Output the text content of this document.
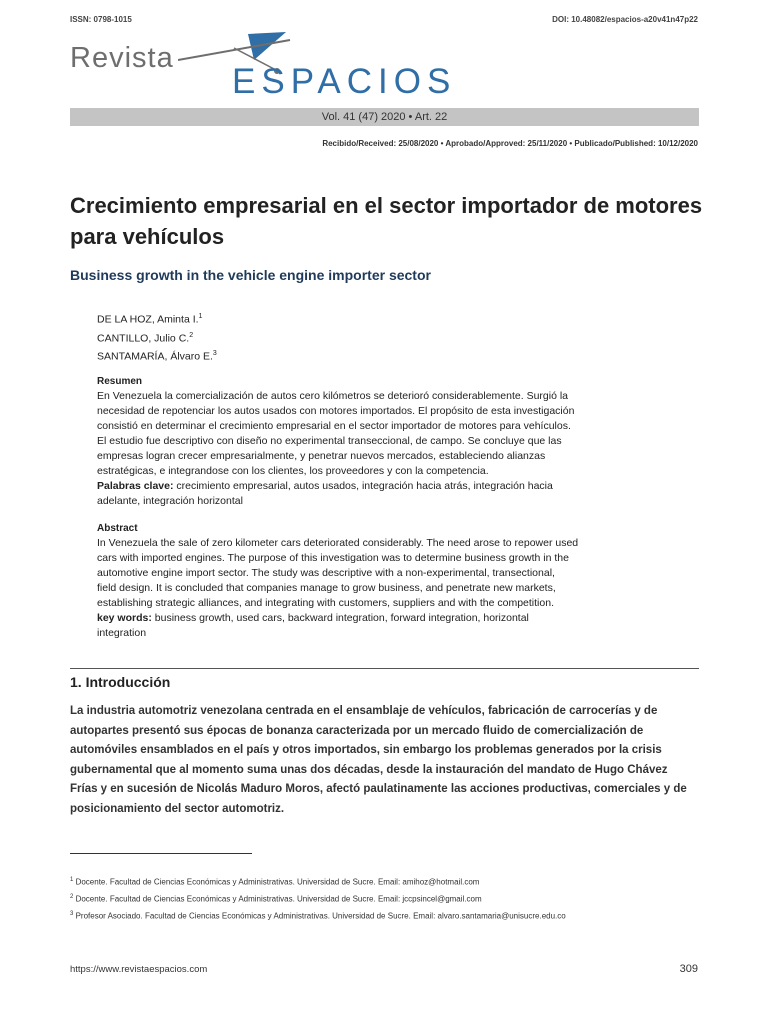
ISSN: 0798-1015	DOI: 10.48082/espacios-a20v41n47p22
Revista
ESPACIOS
Vol. 41 (47) 2020 • Art. 22
Recibido/Received: 25/08/2020 • Aprobado/Approved: 25/11/2020 • Publicado/Published: 10/12/2020
Crecimiento empresarial en el sector importador de motores
para vehículos
Business growth in the vehicle engine importer sector
DE LA HOZ, Aminta I.$^1$
CANTILLO, Julio C.$^2$
SANTAMARÍA, Álvaro E.$^3$
Resumen
En Venezuela la comercialización de autos cero kilómetros se deterioró considerablemente. Surgió la
necesidad de repotenciar los autos usados con motores importados. El propósito de esta investigación
consistió en determinar el crecimiento empresarial en el sector importador de motores para vehículos.
El estudio fue descriptivo con diseño no experimental transeccional, de campo. Se concluye que las
empresas logran crecer empresarialmente, y penetrar nuevos mercados, estableciendo alianzas
estratégicas, e integrandose con los clientes, los proveedores y con la competencia.
Palabras clave: crecimiento empresarial, autos usados, integración hacia atrás, integración hacia
adelante, integración horizontal
Abstract
In Venezuela the sale of zero kilometer cars deteriorated considerably. The need arose to repower used
cars with imported engines. The purpose of this investigation was to determine business growth in the
automotive engine import sector. The study was descriptive with a non-experimental, transectional,
field design. It is concluded that companies manage to grow business, and penetrate new markets,
establishing strategic alliances, and integrating with customers, suppliers and with the competition.
key words: business growth, used cars, backward integration, forward integration, horizontal
integration
1. Introducción
La industria automotriz venezolana centrada en el ensamblaje de vehículos, fabricación de carrocerías y de
autopartes presentó sus épocas de bonanza caracterizada por un mercado fluido de comercialización de
automóviles ensamblados en el país y otros importados, sin embargo los problemas generados por la crisis
gubernamental que al momento suma unas dos décadas, desde la instauración del mandato de Hugo Chávez
Frías y en sucesión de Nicolás Maduro Moros, afectó paulatinamente las acciones productivas, comerciales y de
posicionamiento del sector automotriz.
$^1$ Docente. Facultad de Ciencias Económicas y Administrativas. Universidad de Sucre. Email: amihoz@hotmail.com
$^2$ Docente. Facultad de Ciencias Económicas y Administrativas. Universidad de Sucre. Email: jccpsincel@gmail.com
$^3$ Profesor Asociado. Facultad de Ciencias Económicas y Administrativas. Universidad de Sucre. Email: alvaro.santamaria@unisucre.edu.co
https://www.revistaespacios.com	309
